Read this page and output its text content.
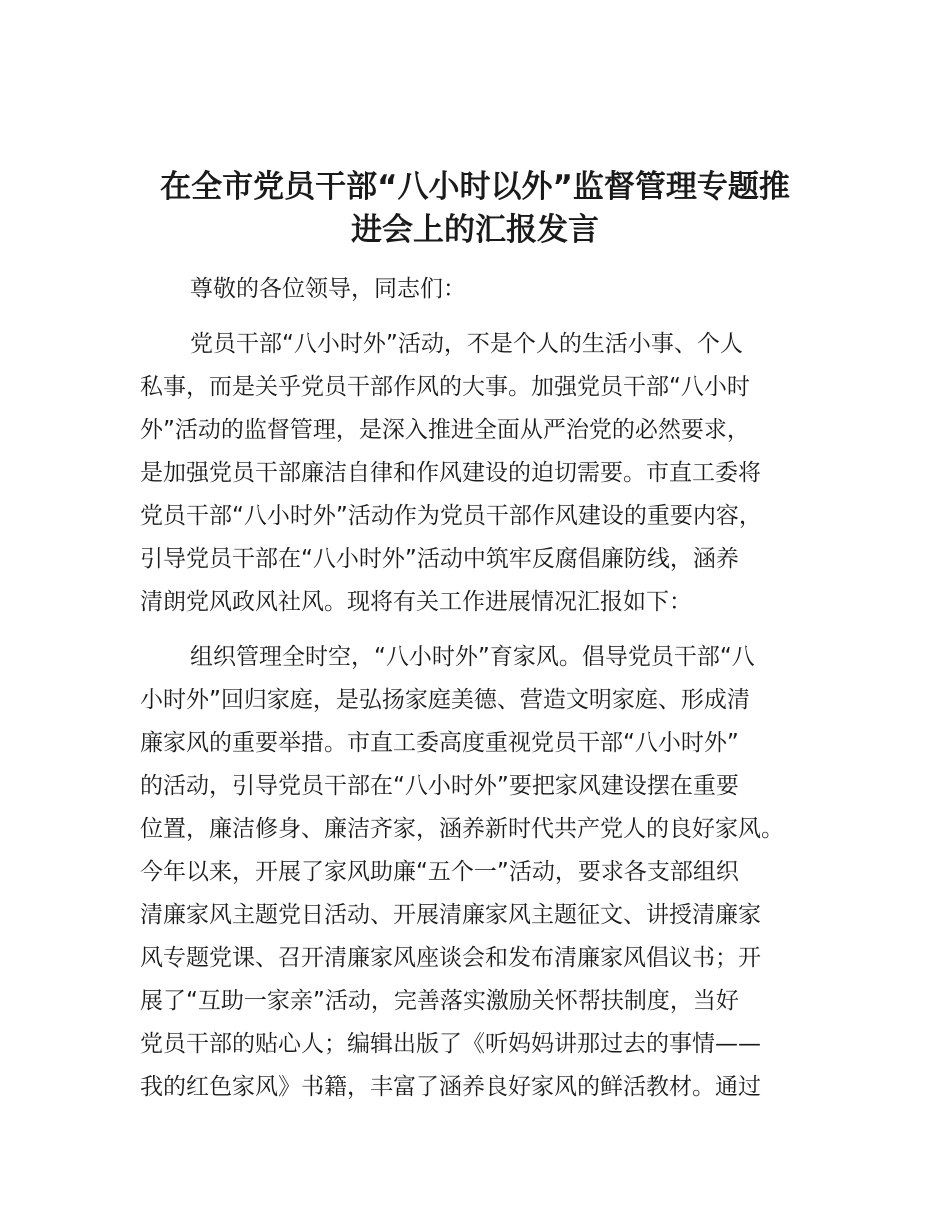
在全市党员干部“八小时以外”监督管理专题推
进会上的汇报发言

尊敬的各位领导，同志们：

党员干部“八小时外”活动，不是个人的生活小事、个人
私事，而是关乎党员干部作风的大事。加强党员干部“八小时
外”活动的监督管理，是深入推进全面从严治党的必然要求，
是加强党员干部廉洁自律和作风建设的迫切需要。市直工委将
党员干部“八小时外”活动作为党员干部作风建设的重要内容，
引导党员干部在“八小时外”活动中筑牢反腐倡廉防线，涵养
清朗党风政风社风。现将有关工作进展情况汇报如下：

组织管理全时空，“八小时外”育家风。倡导党员干部“八
小时外”回归家庭，是弘扬家庭美德、营造文明家庭、形成清
廉家风的重要举措。市直工委高度重视党员干部“八小时外”
的活动，引导党员干部在“八小时外”要把家风建设摆在重要
位置，廉洁修身、廉洁齐家，涵养新时代共产党人的良好家风。
今年以来，开展了家风助廉“五个一”活动，要求各支部组织
清廉家风主题党日活动、开展清廉家风主题征文、讲授清廉家
风专题党课、召开清廉家风座谈会和发布清廉家风倡议书；开
展了“互助一家亲”活动，完善落实激励关怀帮扶制度，当好
党员干部的贴心人；编辑出版了《听妈妈讲那过去的事情——
我的红色家风》书籍，丰富了涵养良好家风的鲜活教材。通过
